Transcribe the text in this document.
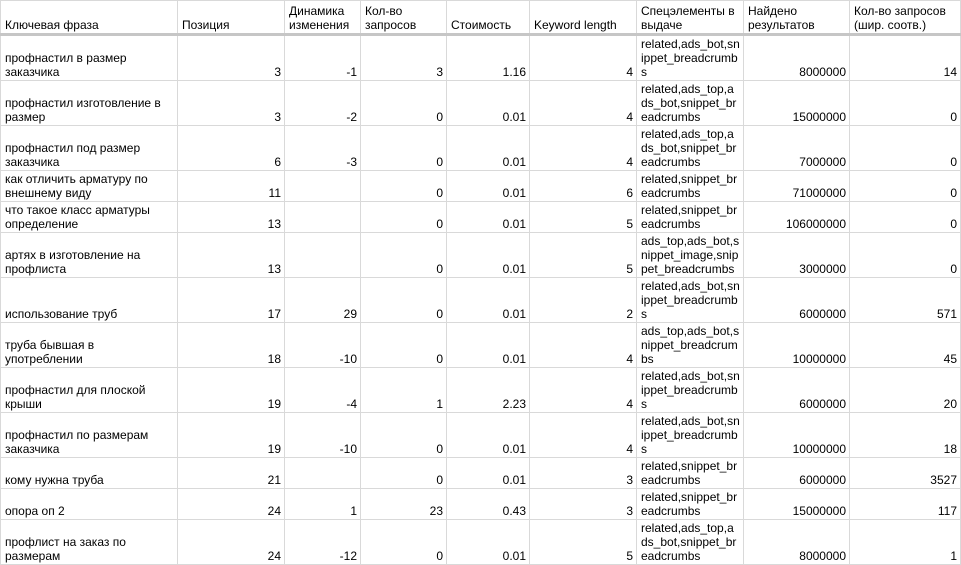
Ключевая фраза	Позиция	Динамика изменения	Кол-во запросов	Стоимость	Keyword length	Спецэлементы в выдаче	Найдено результатов	Кол-во запросов (шир. соотв.)
профнастил в размер заказчика	3	-1	3	1.16	4	related,ads_bot,snippet_breadcrumbs	8000000	14
профнастил изготовление в размер	3	-2	0	0.01	4	related,ads_top,ads_bot,snippet_breadcrumbs	15000000	0
профнастил под размер заказчика	6	-3	0	0.01	4	related,ads_top,ads_bot,snippet_breadcrumbs	7000000	0
как отличить арматуру по внешнему виду	11		0	0.01	6	related,snippet_breadcrumbs	71000000	0
что такое класс арматуры определение	13		0	0.01	5	related,snippet_breadcrumbs	106000000	0
артях в изготовление на профлиста	13		0	0.01	5	ads_top,ads_bot,snippet_image,snippet_breadcrumbs	3000000	0
использование труб	17	29	0	0.01	2	related,ads_bot,snippet_breadcrumbs	6000000	571
труба бывшая в употреблении	18	-10	0	0.01	4	ads_top,ads_bot,snippet_breadcrumbs	10000000	45
профнастил для плоской крыши	19	-4	1	2.23	4	related,ads_bot,snippet_breadcrumbs	6000000	20
профнастил по размерам заказчика	19	-10	0	0.01	4	related,ads_bot,snippet_breadcrumbs	10000000	18
кому нужна труба	21		0	0.01	3	related,snippet_breadcrumbs	6000000	3527
опора оп 2	24	1	23	0.43	3	related,snippet_breadcrumbs	15000000	117
профлист на заказ по размерам	24	-12	0	0.01	5	related,ads_top,ads_bot,snippet_breadcrumbs	8000000	1
